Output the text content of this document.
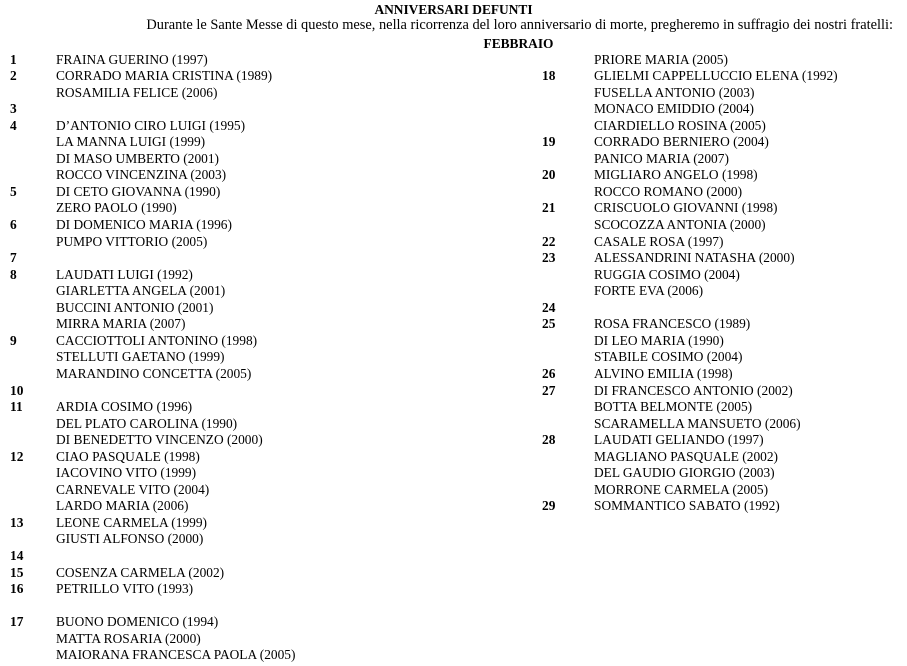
ANNIVERSARI DEFUNTI
Durante le Sante Messe di questo mese, nella ricorrenza del loro anniversario di morte, pregheremo in suffragio dei nostri fratelli:
FEBBRAIO
1	FRAINA GUERINO (1997)
2	CORRADO MARIA CRISTINA (1989)
ROSAMILIA FELICE (2006)
3
4	D’ANTONIO CIRO LUIGI (1995)
LA MANNA LUIGI (1999)
DI MASO UMBERTO (2001)
ROCCO VINCENZINA (2003)
5	DI CETO GIOVANNA (1990)
ZERO PAOLO (1990)
6	DI DOMENICO MARIA (1996)
PUMPO VITTORIO (2005)
7
8	LAUDATI LUIGI (1992)
GIARLETTA ANGELA (2001)
BUCCINI ANTONIO (2001)
MIRRA MARIA (2007)
9	CACCIOTTOLI ANTONINO (1998)
STELLUTI GAETANO (1999)
MARANDINO CONCETTA (2005)
10
11 ARDIA COSIMO (1996)
DEL PLATO CAROLINA (1990)
DI BENEDETTO VINCENZO (2000)
12 CIAO PASQUALE (1998)
IACOVINO VITO (1999)
CARNEVALE VITO (2004)
LARDO MARIA (2006)
13 LEONE CARMELA (1999)
GIUSTI ALFONSO (2000)
14
15 COSENZA CARMELA (2002)
16 PETRILLO VITO (1993)
17 BUONO DOMENICO (1994)
MATTA ROSARIA (2000)
MAIORANA FRANCESCA PAOLA (2005)
PRIORE MARIA (2005)
18	GLIELMI CAPPELLUCCIO ELENA (1992)
FUSELLA ANTONIO (2003)
MONACO EMIDDIO (2004)
CIARDIELLO ROSINA (2005)
19	CORRADO BERNIERO (2004)
PANICO MARIA (2007)
20	MIGLIARO ANGELO (1998)
ROCCO ROMANO (2000)
21	CRISCUOLO GIOVANNI (1998)
SCOCOZZA ANTONIA (2000)
22	CASALE ROSA (1997)
23	ALESSANDRINI NATASHA (2000)
RUGGIA COSIMO (2004)
FORTE EVA (2006)
24
25	ROSA FRANCESCO (1989)
DI LEO MARIA (1990)
STABILE COSIMO (2004)
26	ALVINO EMILIA (1998)
27	DI FRANCESCO ANTONIO (2002)
BOTTA BELMONTE (2005)
SCARAMELLA MANSUETO (2006)
28	LAUDATI GELIANDO (1997)
MAGLIANO PASQUALE (2002)
DEL GAUDIO GIORGIO (2003)
MORRONE CARMELA (2005)
29	SOMMANTICO SABATO (1992)
